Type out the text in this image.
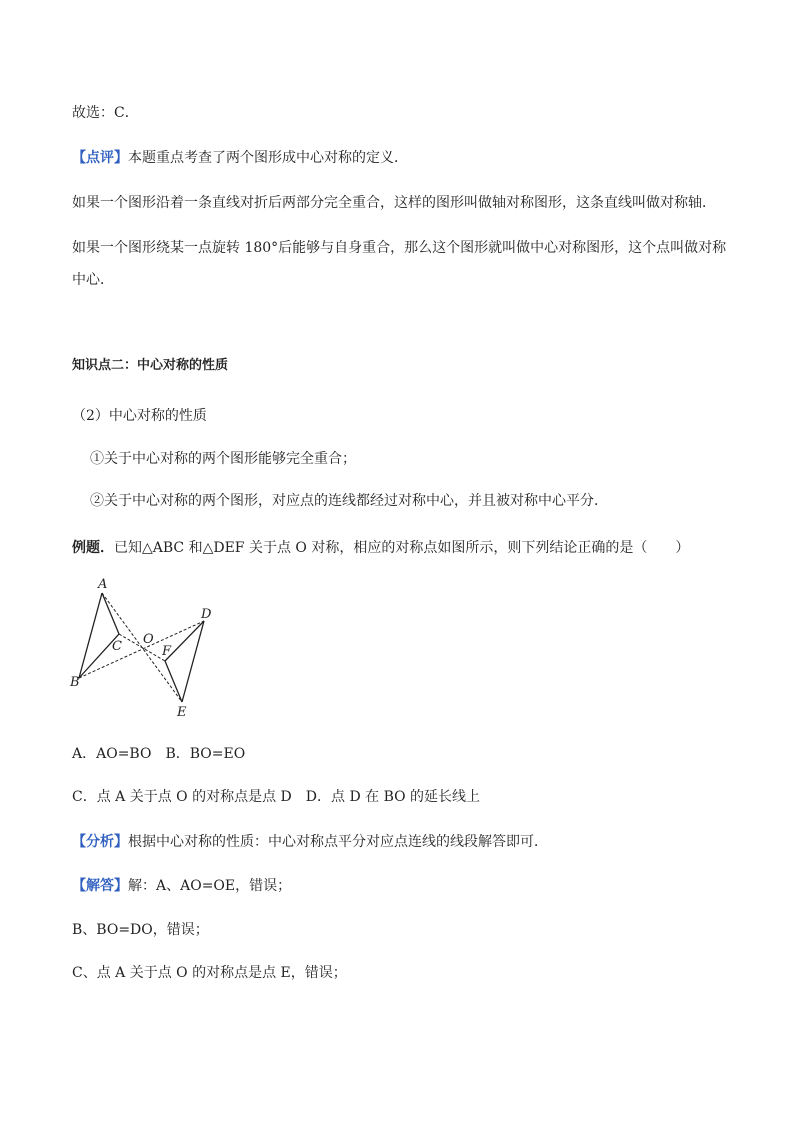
故选：C．
【点评】本题重点考查了两个图形成中心对称的定义．
如果一个图形沿着一条直线对折后两部分完全重合，这样的图形叫做轴对称图形，这条直线叫做对称轴．
如果一个图形绕某一点旋转 180°后能够与自身重合，那么这个图形就叫做中心对称图形，这个点叫做对称
中心．
知识点二：中心对称的性质
（2）中心对称的性质
①关于中心对称的两个图形能够完全重合；
②关于中心对称的两个图形，对应点的连线都经过对称中心，并且被对称中心平分．
例题．已知△ABC 和△DEF 关于点 O 对称，相应的对称点如图所示，则下列结论正确的是（　　）
A
B
C O
D
E
F
A．AO=BO　B．BO=EO
C．点 A 关于点 O 的对称点是点 D　D．点 D 在 BO 的延长线上
【分析】根据中心对称的性质：中心对称点平分对应点连线的线段解答即可．
【解答】解：A、AO=OE，错误；
B、BO=DO，错误；
C、点 A 关于点 O 的对称点是点 E，错误；
